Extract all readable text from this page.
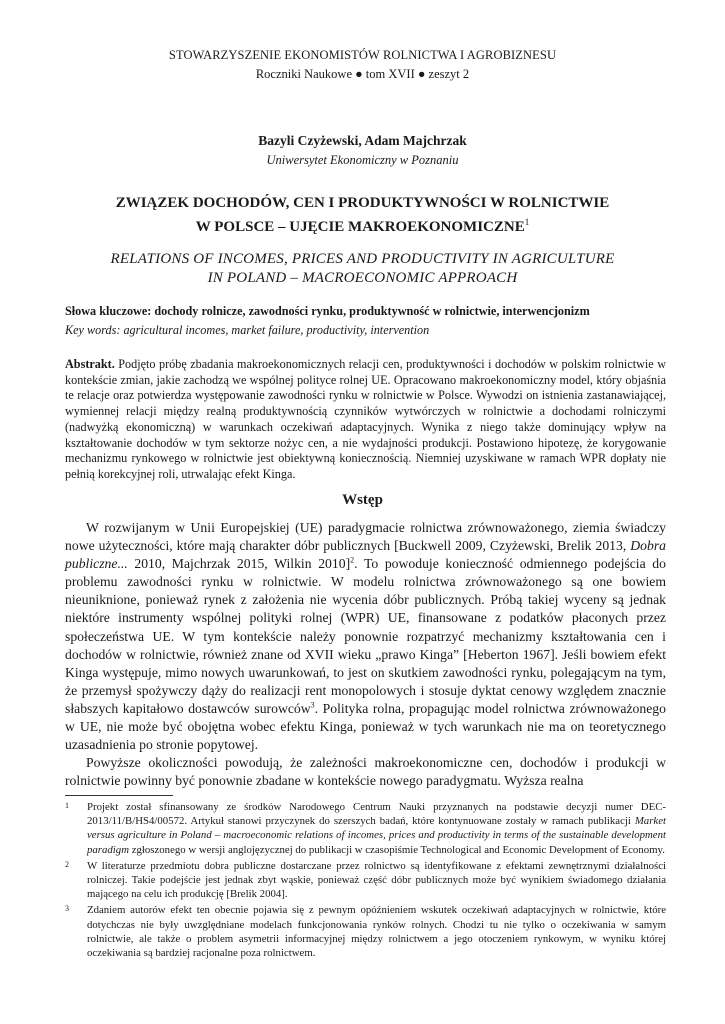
STOWARZYSZENIE EKONOMISTÓW ROLNICTWA I AGROBIZNESU
Roczniki Naukowe ● tom XVII ● zeszyt 2
Bazyli Czyżewski, Adam Majchrzak
Uniwersytet Ekonomiczny w Poznaniu
ZWIĄZEK DOCHODÓW, CEN I PRODUKTYWNOŚCI W ROLNICTWIE
W POLSCE – UJĘCIE MAKROEKONOMICZNE$^1$
RELATIONS OF INCOMES, PRICES AND PRODUCTIVITY IN AGRICULTURE
IN POLAND – MACROECONOMIC APPROACH
Słowa kluczowe: dochody rolnicze, zawodności rynku, produktywność w rolnictwie, interwencjonizm
Key words: agricultural incomes, market failure, productivity, intervention
Abstrakt. Podjęto próbę zbadania makroekonomicznych relacji cen, produktywności i dochodów w polskim rolnictwie w kontekście zmian, jakie zachodzą we wspólnej polityce rolnej UE. Opracowano makroekonomiczny model, który objaśnia te relacje oraz potwierdza występowanie zawodności rynku w rolnictwie w Polsce. Wywodzi on istnienia zastanawiającej, wymiennej relacji między realną produktywnością czynników wytwórczych w rolnictwie a dochodami rolniczymi (nadwyżką ekonomiczną) w warunkach oczekiwań adaptacyjnych. Wynika z niego także dominujący wpływ na kształtowanie dochodów w tym sektorze nożyc cen, a nie wydajności produkcji. Postawiono hipotezę, że korygowanie mechanizmu rynkowego w rolnictwie jest obiektywną koniecznością. Niemniej uzyskiwane w ramach WPR dopłaty nie pełnią korekcyjnej roli, utrwalając efekt Kinga.
Wstęp

W rozwijanym w Unii Europejskiej (UE) paradygmacie rolnictwa zrównoważonego, ziemia świadczy nowe użyteczności, które mają charakter dóbr publicznych [Buckwell 2009, Czyżewski, Brelik 2013, Dobra publiczne... 2010, Majchrzak 2015, Wilkin 2010]$^2$. To powoduje konieczność odmiennego podejścia do problemu zawodności rynku w rolnictwie. W modelu rolnictwa zrównoważonego są one bowiem nieuniknione, ponieważ rynek z założenia nie wycenia dóbr publicznych. Próbą takiej wyceny są jednak niektóre instrumenty wspólnej polityki rolnej (WPR) UE, finansowane z podatków płaconych przez społeczeństwa UE. W tym kontekście należy ponownie rozpatrzyć mechanizmy kształtowania cen i dochodów w rolnictwie, również znane od XVII wieku „prawo Kinga” [Heberton 1967]. Jeśli bowiem efekt Kinga występuje, mimo nowych uwarunkowań, to jest on skutkiem zawodności rynku, polegającym na tym, że przemysł spożywczy dąży do realizacji rent monopolowych i stosuje dyktat cenowy względem znacznie słabszych kapitałowo dostawców surowców$^3$. Polityka rolna, propagując model rolnictwa zrównoważonego w UE, nie może być obojętna wobec efektu Kinga, ponieważ w tych warunkach nie ma on teoretycznego uzasadnienia po stronie popytowej.

Powyższe okoliczności powodują, że zależności makroekonomiczne cen, dochodów i produkcji w rolnictwie powinny być ponownie zbadane w kontekście nowego paradygmatu. Wyższa realna

1 Projekt został sfinansowany ze środków Narodowego Centrum Nauki przyznanych na podstawie decyzji numer DEC-2013/11/B/HS4/00572. Artykuł stanowi przyczynek do szerszych badań, które kontynuowane zostały w ramach publikacji Market versus agriculture in Poland – macroeconomic relations of incomes, prices and productivity in terms of the sustainable development paradigm zgłoszonego w wersji anglojęzycznej do publikacji w czasopiśmie Technological and Economic Development of Economy.
2 W literaturze przedmiotu dobra publiczne dostarczane przez rolnictwo są identyfikowane z efektami zewnętrznymi działalności rolniczej. Takie podejście jest jednak zbyt wąskie, ponieważ część dóbr publicznych może być wynikiem świadomego działania mającego na celu ich produkcję [Brelik 2004].
3 Zdaniem autorów efekt ten obecnie pojawia się z pewnym opóźnieniem wskutek oczekiwań adaptacyjnych w rolnictwie, które dotychczas nie były uwzględniane modelach funkcjonowania rynków rolnych. Chodzi tu nie tylko o oczekiwania w samym rolnictwie, ale także o problem asymetrii informacyjnej między rolnictwem a jego otoczeniem rynkowym, w wyniku której oczekiwania są bardziej racjonalne poza rolnictwem.
